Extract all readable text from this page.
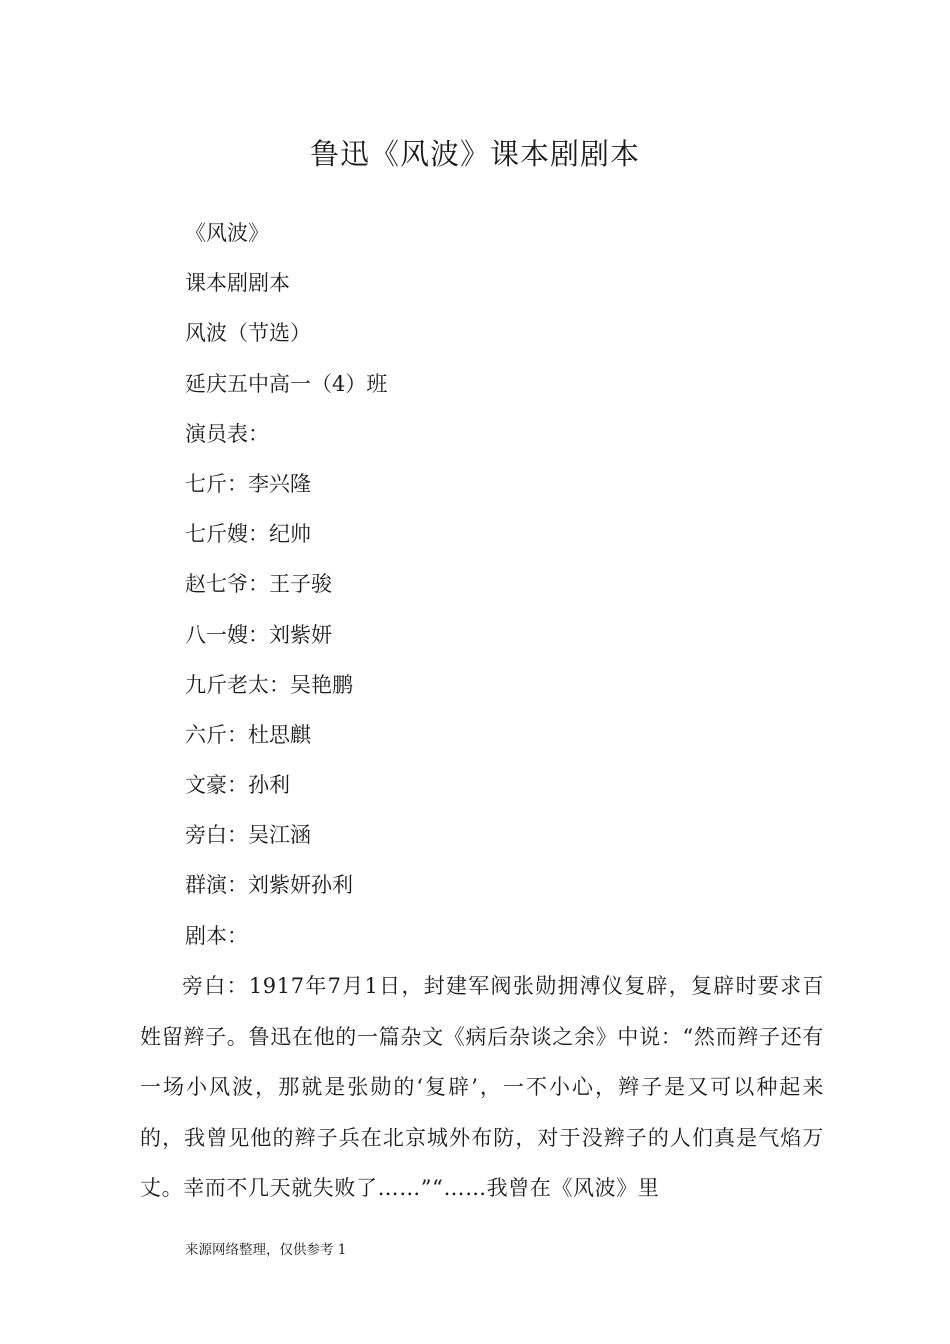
鲁迅《风波》课本剧剧本
《风波》
课本剧剧本
风波（节选）
延庆五中高一（4）班
演员表：
七斤：李兴隆
七斤嫂：纪帅
赵七爷：王子骏
八一嫂：刘紫妍
九斤老太：吴艳鹏
六斤：杜思麒
文豪：孙利
旁白：吴江涵
群演：刘紫妍孙利
剧本：

旁白：1917年7月1日，封建军阀张勋拥溥仪复辟，复辟时要求百姓留辫子。鲁迅在他的一篇杂文《病后杂谈之余》中说：“然而辫子还有一场小风波，那就是张勋的‘复辟’，一不小心，辫子是又可以种起来的，我曾见他的辫子兵在北京城外布防，对于没辫子的人们真是气焰万丈。幸而不几天就失败了……”“……我曾在《风波》里

来源网络整理，仅供参考 1
